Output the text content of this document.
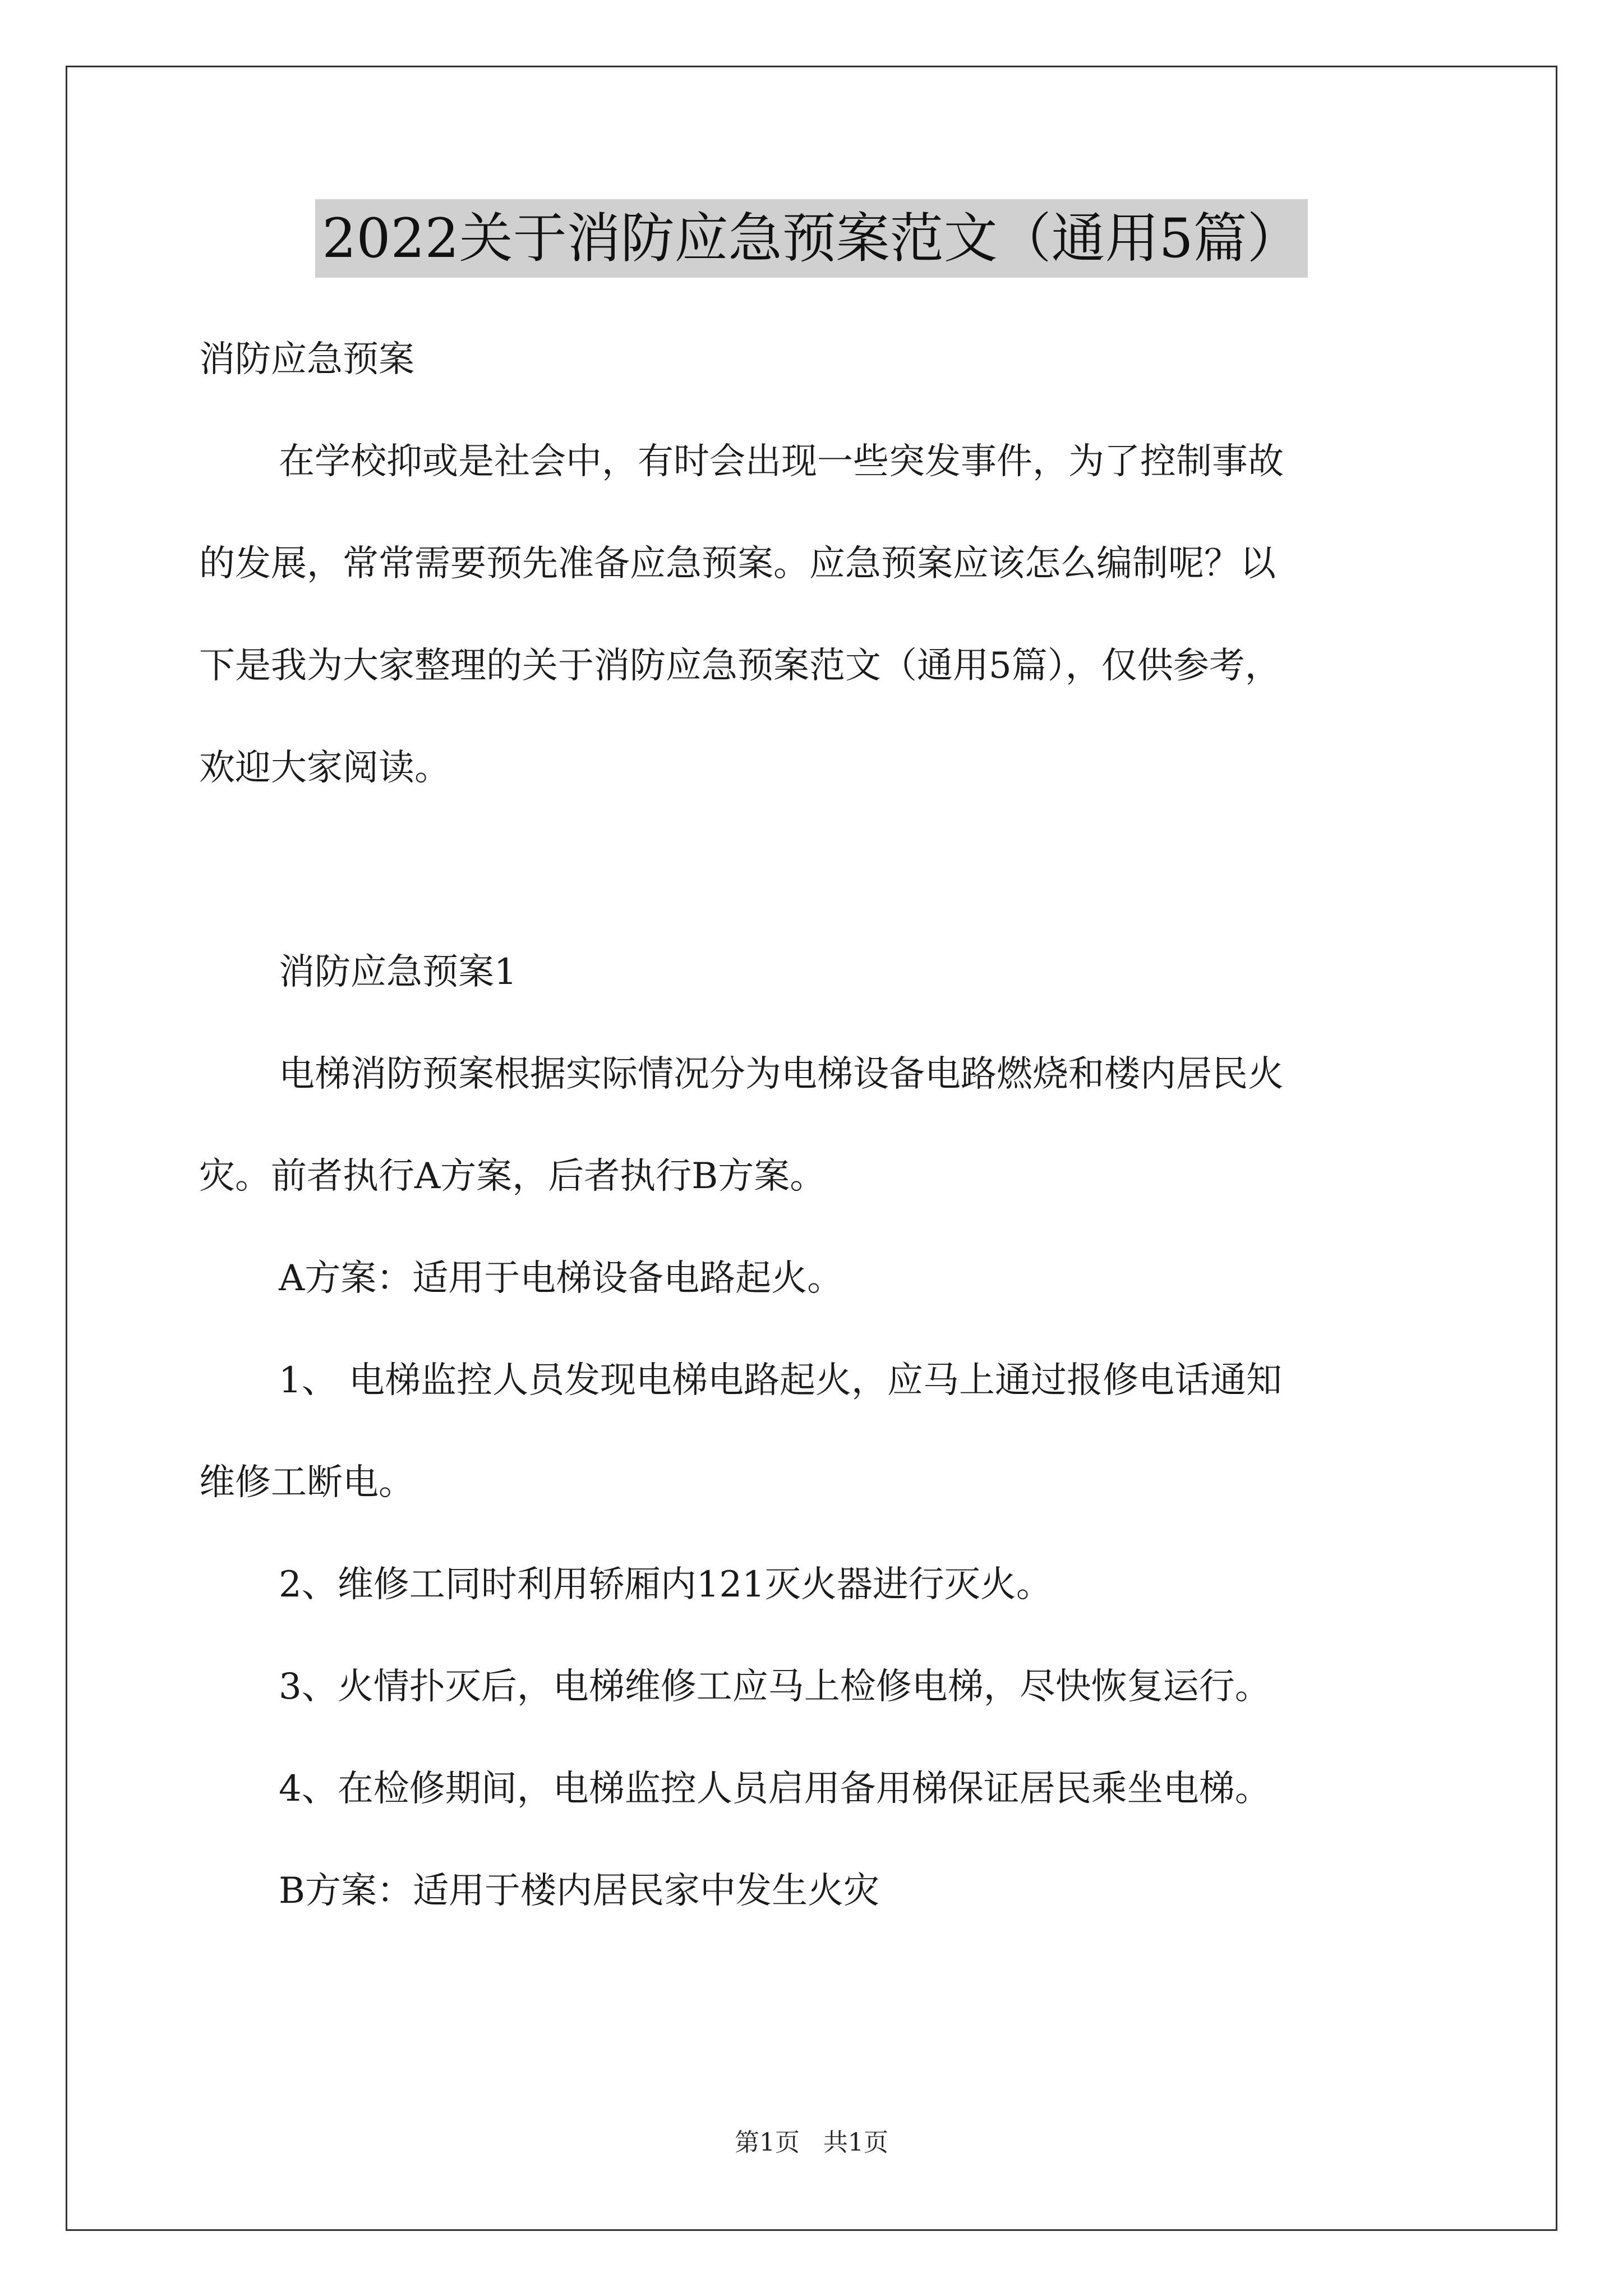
2022关于消防应急预案范文（通用5篇）

消防应急预案

在学校抑或是社会中，有时会出现一些突发事件，为了控制事故

的发展，常常需要预先准备应急预案。应急预案应该怎么编制呢？以

下是我为大家整理的关于消防应急预案范文（通用5篇），仅供参考，

欢迎大家阅读。

消防应急预案1

电梯消防预案根据实际情况分为电梯设备电路燃烧和楼内居民火

灾。前者执行A方案，后者执行B方案。

A方案：适用于电梯设备电路起火。

1、 电梯监控人员发现电梯电路起火，应马上通过报修电话通知

维修工断电。

2、维修工同时利用轿厢内121灭火器进行灭火。

3、火情扑灭后，电梯维修工应马上检修电梯，尽快恢复运行。

4、在检修期间，电梯监控人员启用备用梯保证居民乘坐电梯。

B方案：适用于楼内居民家中发生火灾

第1页   共1页
